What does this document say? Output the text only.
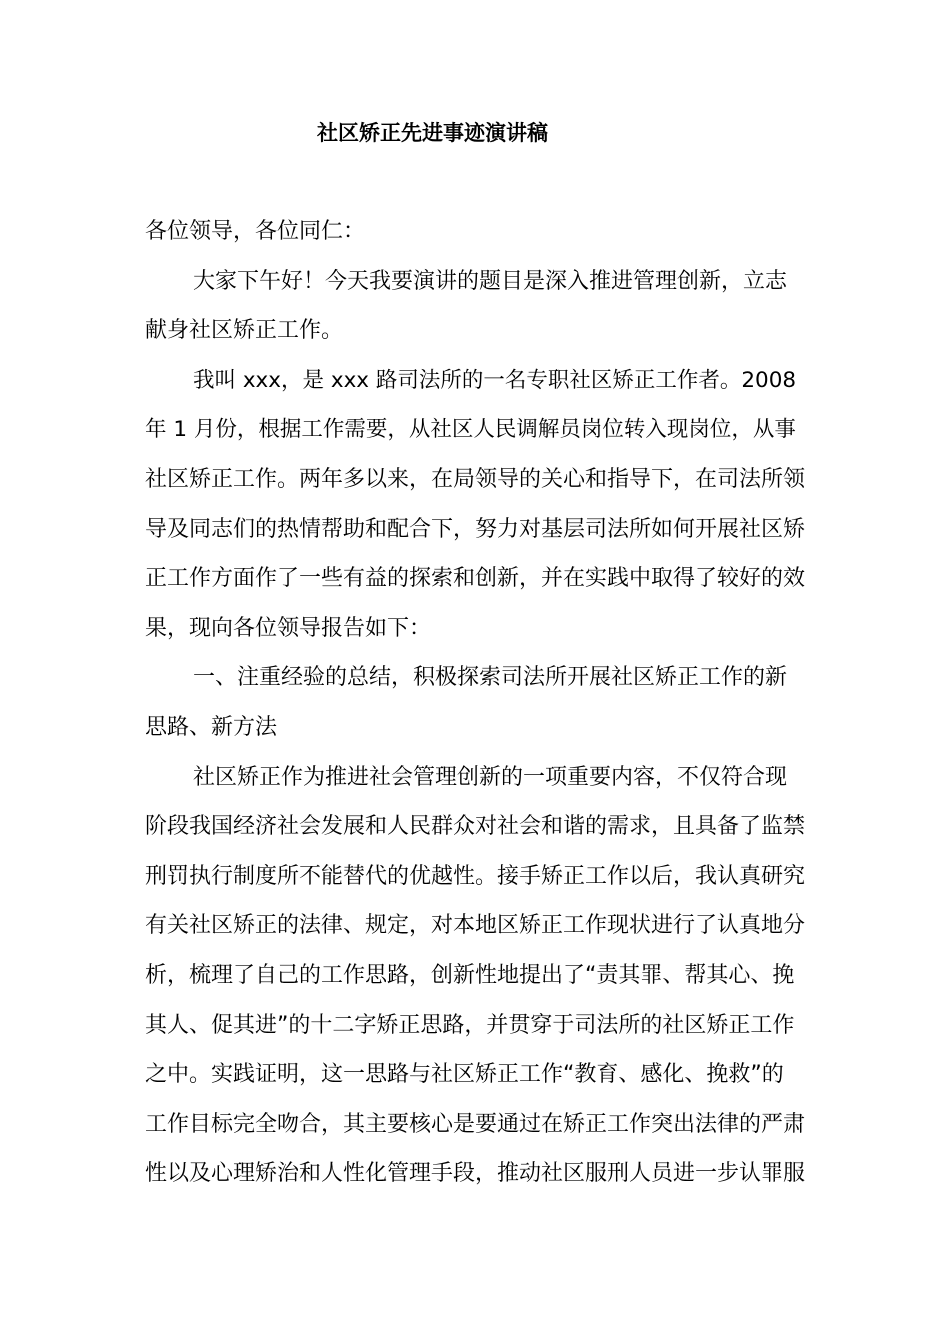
社区矫正先进事迹演讲稿
各位领导，各位同仁：
大家下午好！今天我要演讲的题目是深入推进管理创新，立志
献身社区矫正工作。
我叫 xxx，是 xxx 路司法所的一名专职社区矫正工作者。2008
年 1 月份，根据工作需要，从社区人民调解员岗位转入现岗位，从事
社区矫正工作。两年多以来，在局领导的关心和指导下，在司法所领
导及同志们的热情帮助和配合下，努力对基层司法所如何开展社区矫
正工作方面作了一些有益的探索和创新，并在实践中取得了较好的效
果，现向各位领导报告如下：
一、注重经验的总结，积极探索司法所开展社区矫正工作的新
思路、新方法
社区矫正作为推进社会管理创新的一项重要内容，不仅符合现
阶段我国经济社会发展和人民群众对社会和谐的需求，且具备了监禁
刑罚执行制度所不能替代的优越性。接手矫正工作以后，我认真研究
有关社区矫正的法律、规定，对本地区矫正工作现状进行了认真地分
析，梳理了自己的工作思路，创新性地提出了“责其罪、帮其心、挽
其人、促其进”的十二字矫正思路，并贯穿于司法所的社区矫正工作
之中。实践证明，这一思路与社区矫正工作“教育、感化、挽救”的
工作目标完全吻合，其主要核心是要通过在矫正工作突出法律的严肃
性以及心理矫治和人性化管理手段，推动社区服刑人员进一步认罪服
